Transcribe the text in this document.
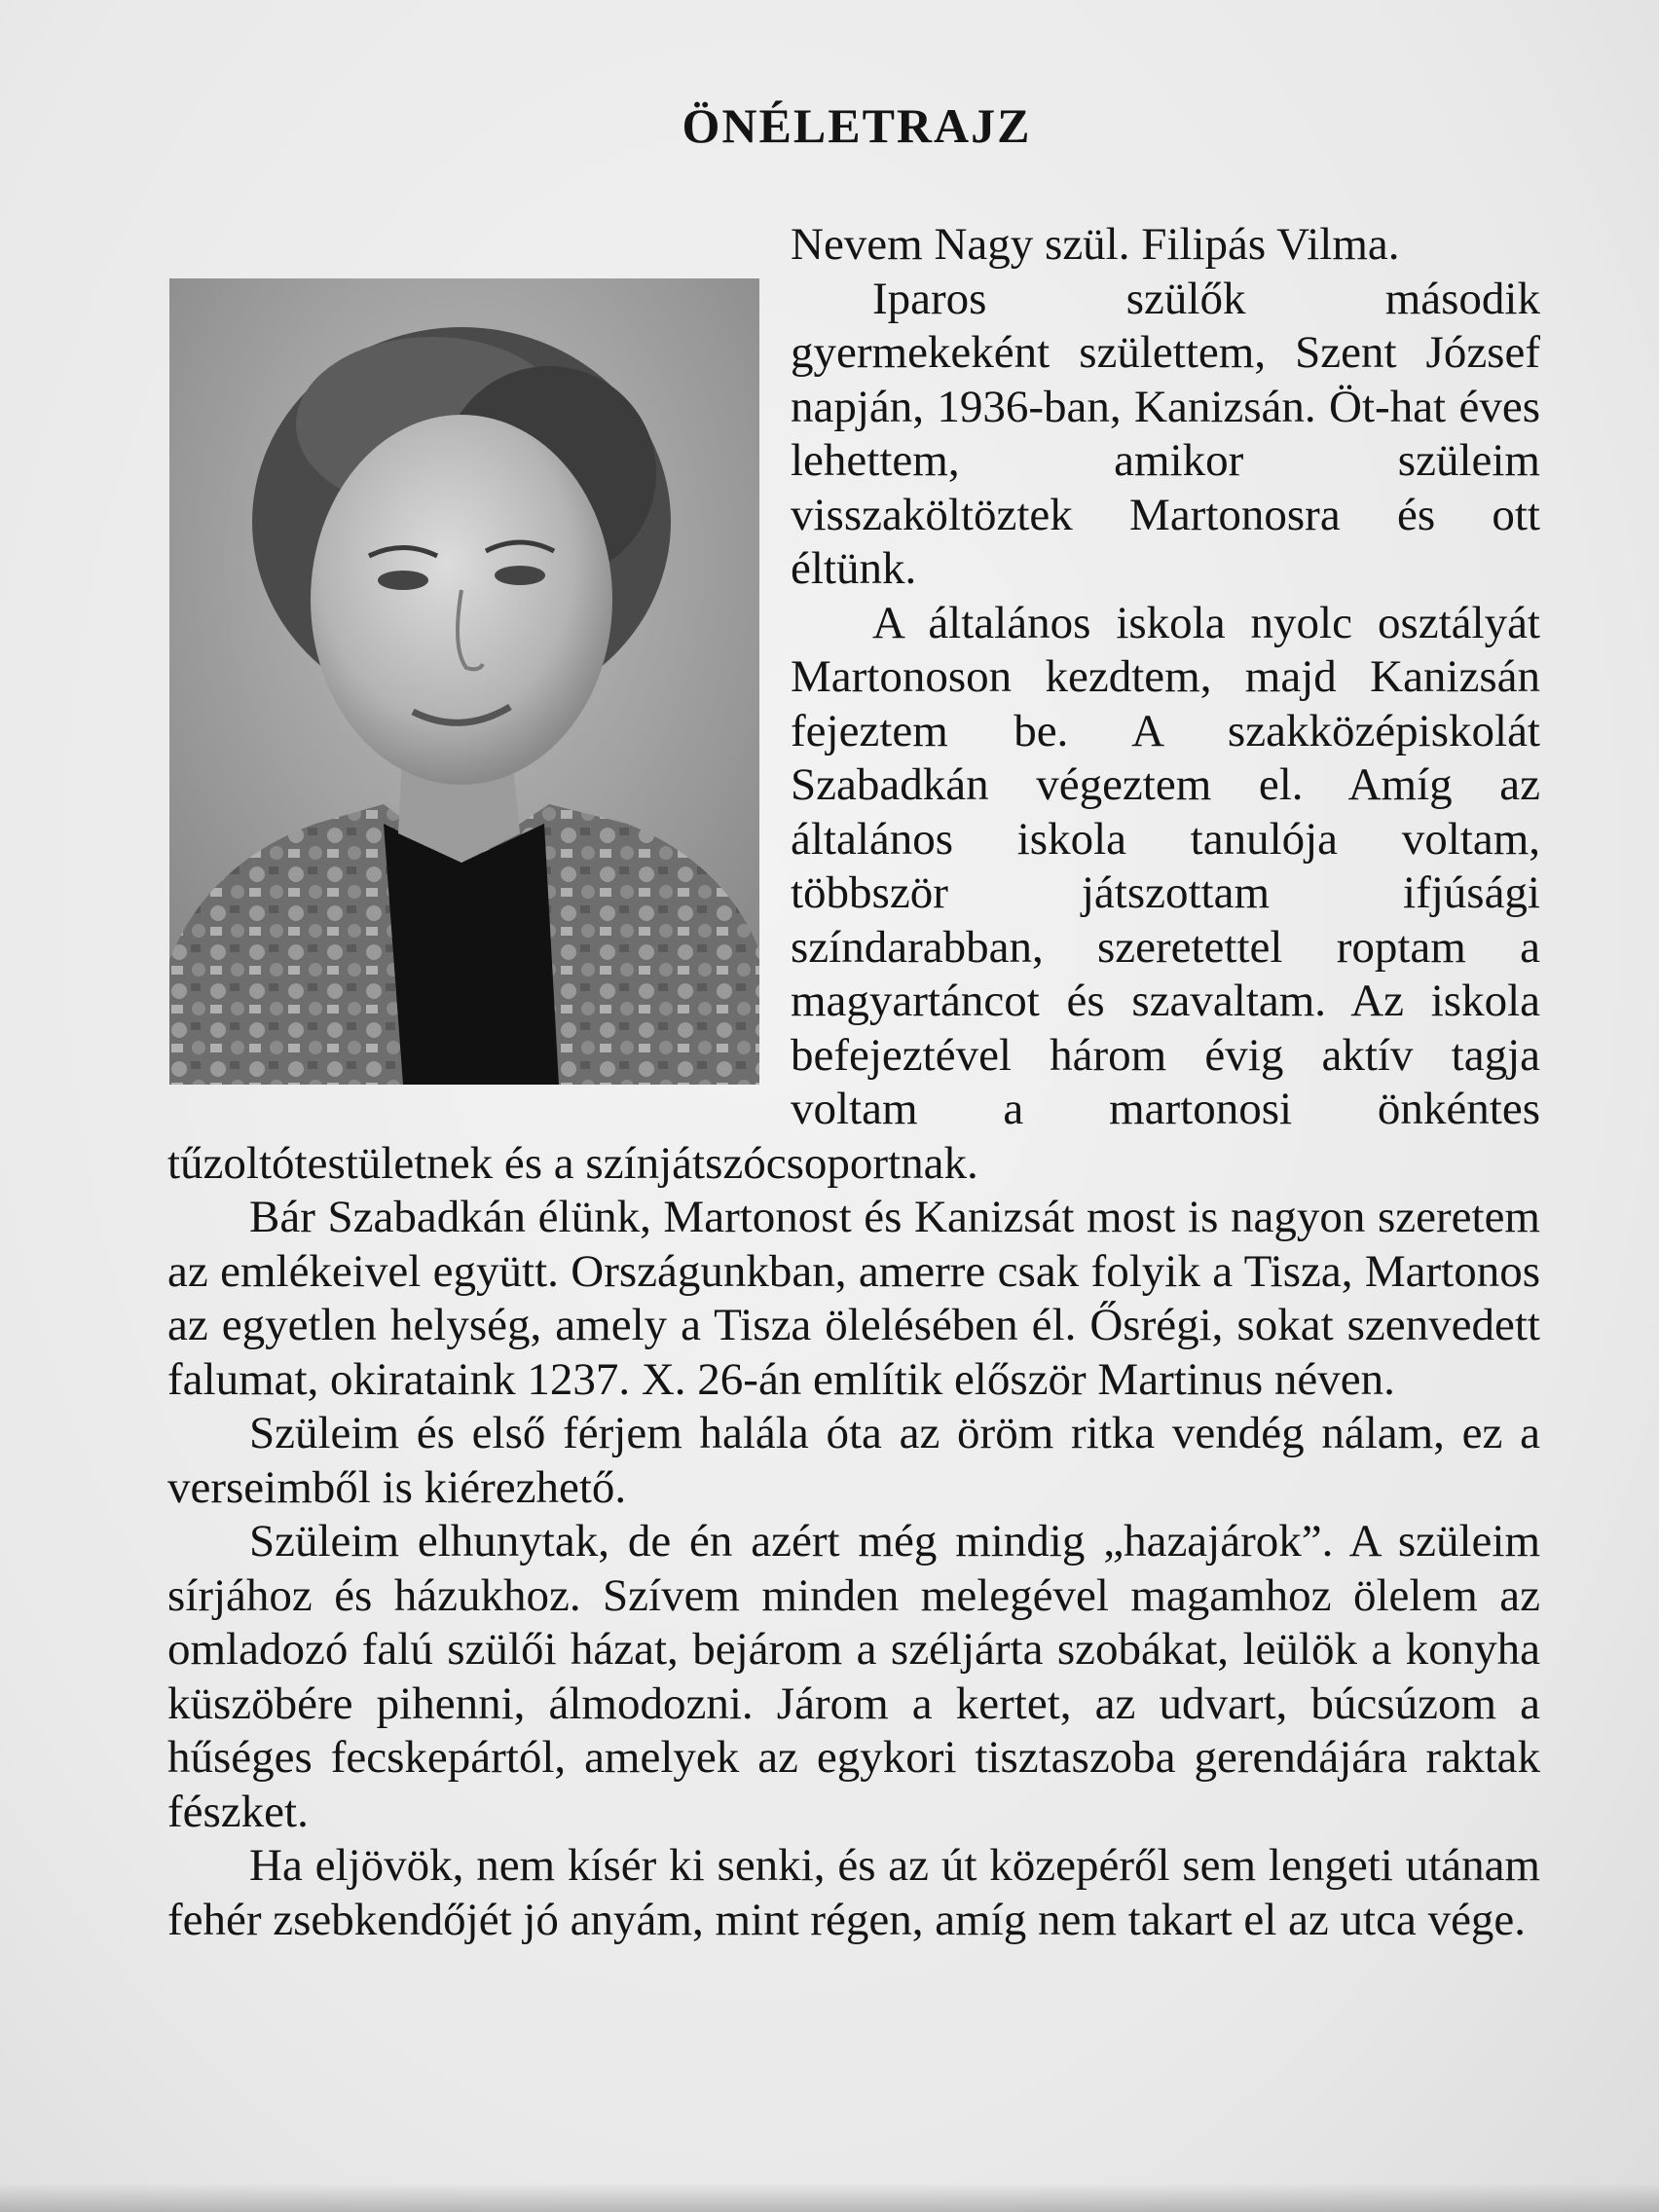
ÖNÉLETRAJZ

Nevem Nagy szül. Filipás Vilma.

Iparos szülők második gyermekeként születtem, Szent József napján, 1936-ban, Kanizsán. Öt-hat éves lehettem, amikor szüleim visszaköltöztek Martonosra és ott éltünk.

A általános iskola nyolc osztályát Martonoson kezdtem, majd Kanizsán fejeztem be. A szakközépiskolát Szabadkán végeztem el. Amíg az általános iskola tanulója voltam, többször játszottam ifjúsági színdarabban, szeretettel roptam a magyartáncot és szavaltam. Az iskola befejeztével három évig aktív tagja voltam a martonosi önkéntes tűzoltótestületnek és a színjátszócsoportnak.

Bár Szabadkán élünk, Martonost és Kanizsát most is nagyon szeretem az emlékeivel együtt. Országunkban, amerre csak folyik a Tisza, Martonos az egyetlen helység, amely a Tisza ölelésében él. Ősrégi, sokat szenvedett falumat, okirataink 1237. X. 26-án említik először Martinus néven.

Szüleim és első férjem halála óta az öröm ritka vendég nálam, ez a verseimből is kiérezhető.

Szüleim elhunytak, de én azért még mindig „hazajárok”. A szüleim sírjához és házukhoz. Szívem minden melegével magamhoz ölelem az omladozó falú szülői házat, bejárom a széljárta szobákat, leülök a konyha küszöbére pihenni, álmodozni. Járom a kertet, az udvart, búcsúzom a hűséges fecskepártól, amelyek az egykori tisztaszoba gerendájára raktak fészket.

Ha eljövök, nem kísér ki senki, és az út közepéről sem lengeti utánam fehér zsebkendőjét jó anyám, mint régen, amíg nem takart el az utca vége.
